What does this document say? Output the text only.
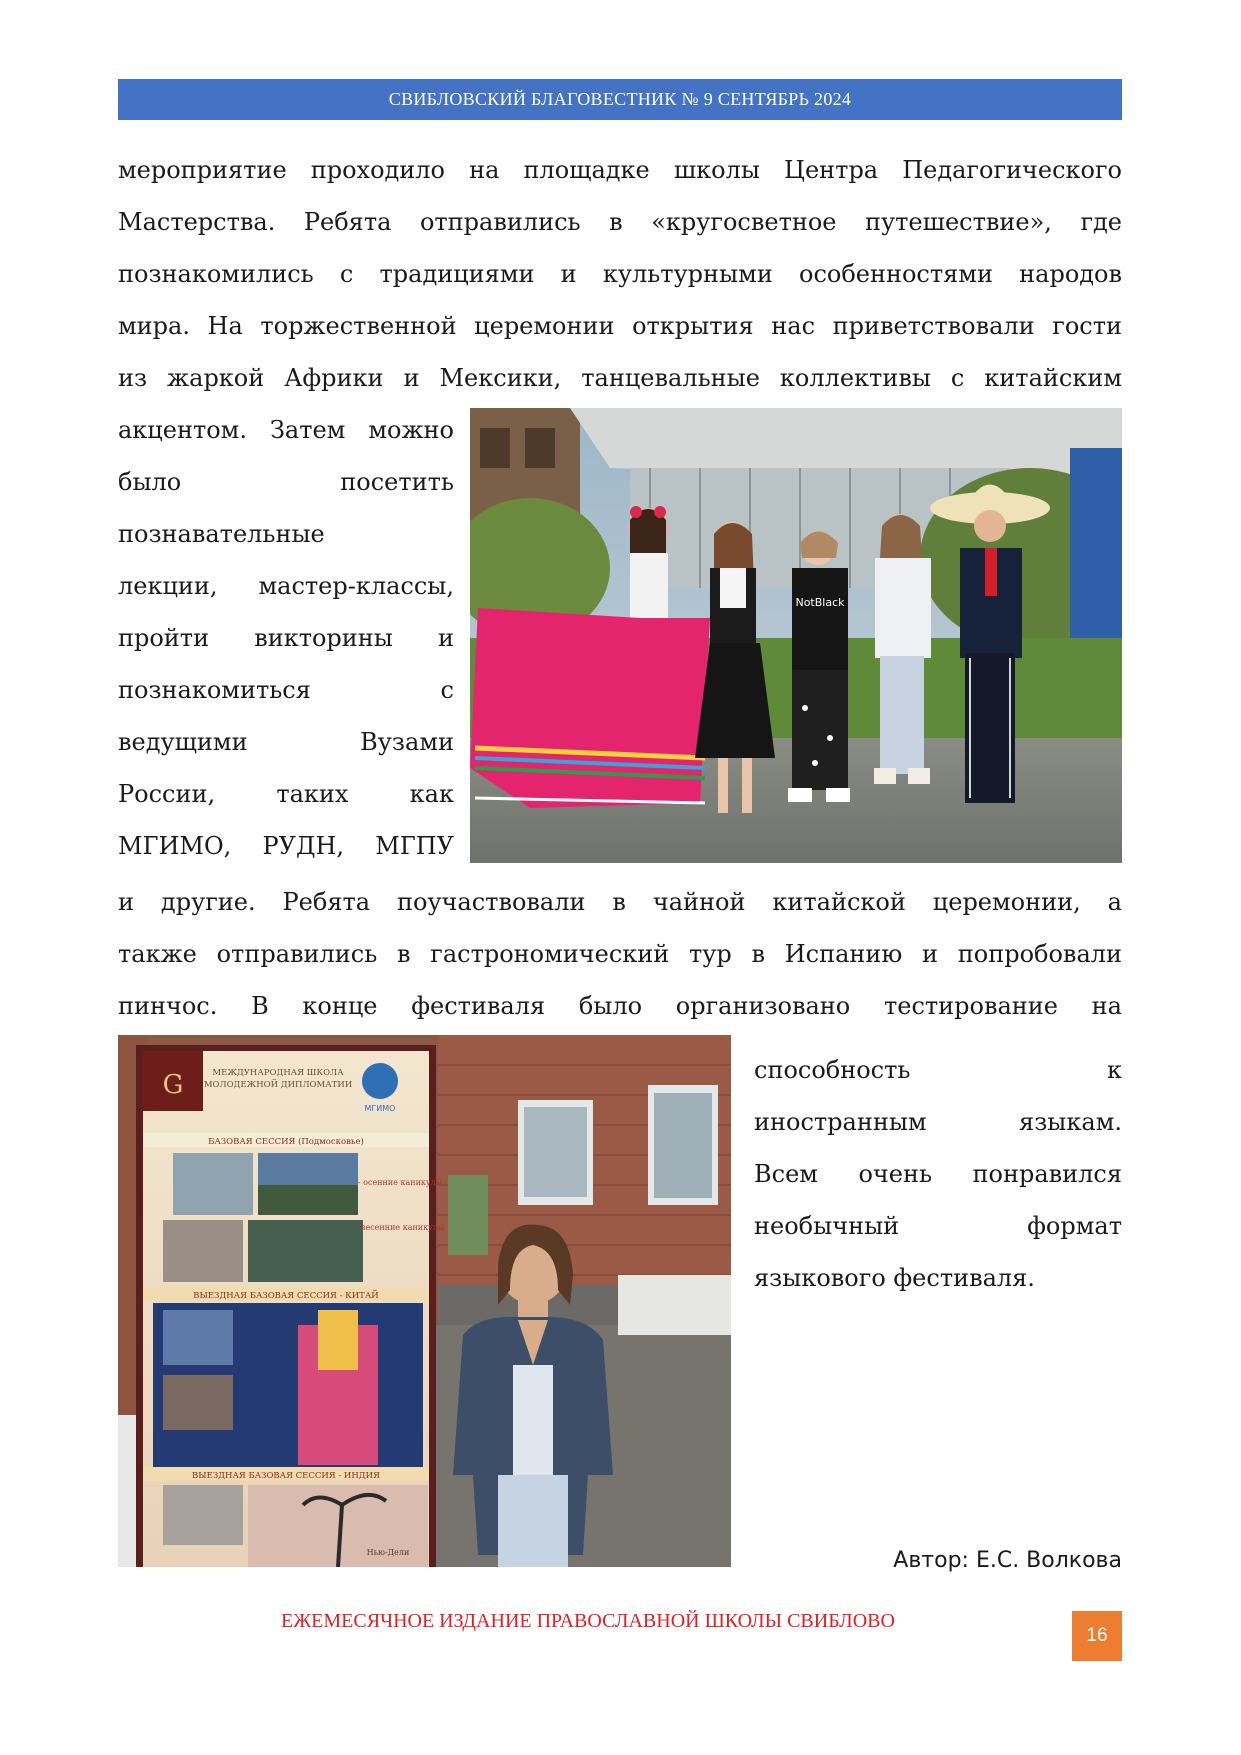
СВИБЛОВСКИЙ БЛАГОВЕСТНИК № 9 СЕНТЯБРЬ 2024
мероприятие проходило на площадке школы Центра Педагогического
Мастерства. Ребята отправились в «кругосветное путешествие», где
познакомились с традициями и культурными особенностями народов
мира. На торжественной церемонии открытия нас приветствовали гости
из жаркой Африки и Мексики, танцевальные коллективы с китайским
акцентом. Затем можно
было посетить
познавательные
лекции, мастер-классы,
пройти викторины и
познакомиться с
ведущими Вузами
России, таких как
МГИМО, РУДН, МГПУ
NotBlack
и другие. Ребята поучаствовали в чайной китайской церемонии, а
также отправились в гастрономический тур в Испанию и попробовали
пинчос. В конце фестиваля было организовано тестирование на
G	МЕЖДУНАРОДНАЯ ШКОЛА
МОЛОДЕЖНОЙ ДИПЛОМАТИИ
МГИМО
БАЗОВАЯ СЕССИЯ (Подмосковье)
- осенние каникулы
- весенние каникулы
ВЫЕЗДНАЯ БАЗОВАЯ СЕССИЯ - КИТАЙ
ВЫЕЗДНАЯ БАЗОВАЯ СЕССИЯ - ИНДИЯ
Нью-Дели
способность к
иностранным языкам.
Всем очень понравился
необычный формат
языкового фестиваля.
Автор: Е.С. Волкова
ЕЖЕМЕСЯЧНОЕ ИЗДАНИЕ ПРАВОСЛАВНОЙ ШКОЛЫ СВИБЛОВО
16
